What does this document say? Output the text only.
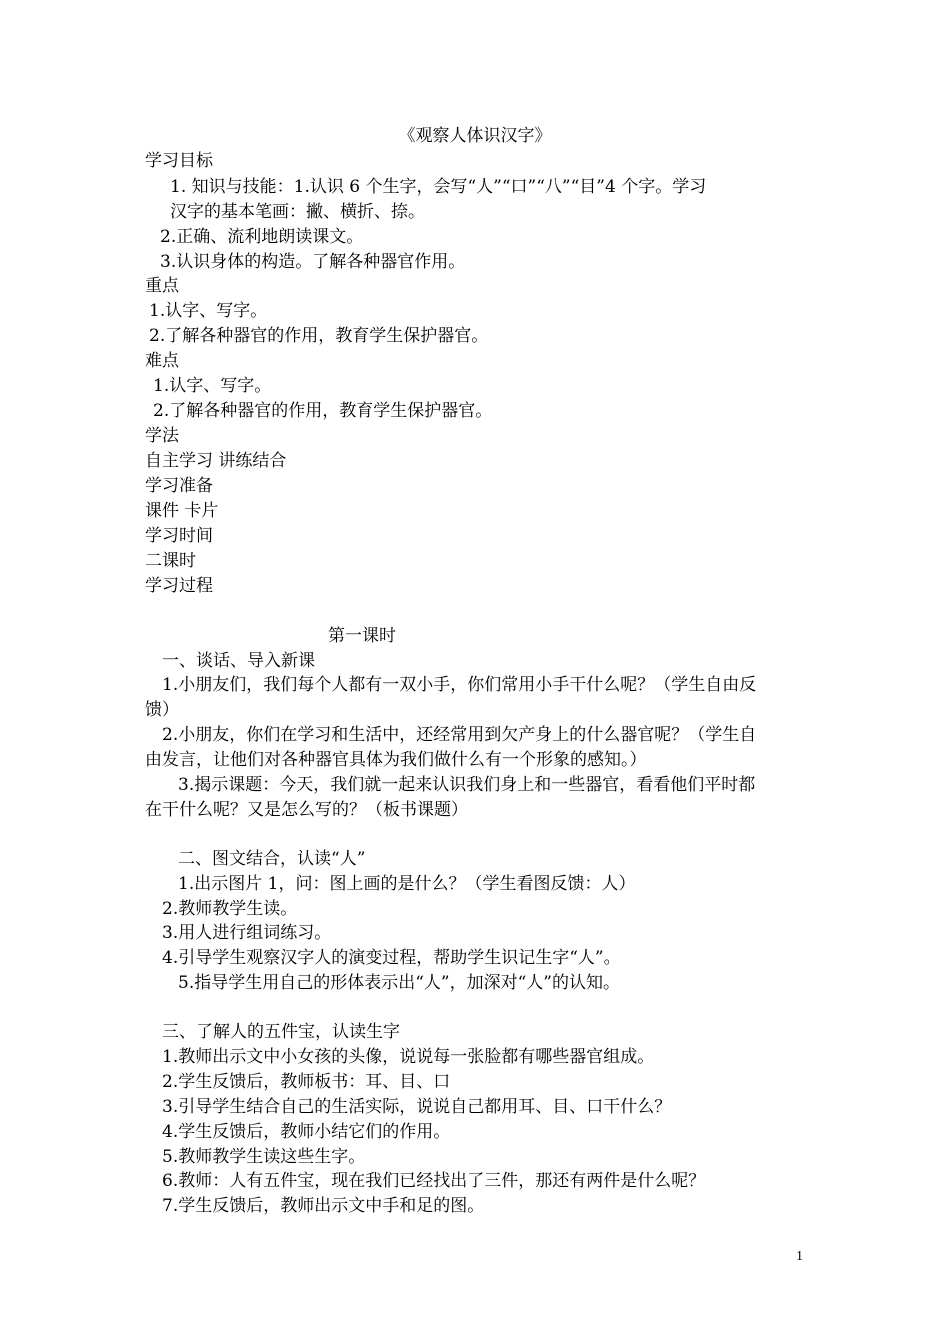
《观察人体识汉字》
学习目标
1. 知识与技能：1.认识 6 个生字，会写“人”“口”“八”“目”4 个字。学习
汉字的基本笔画：撇、横折、捺。
2.正确、流利地朗读课文。
3.认识身体的构造。了解各种器官作用。
重点
1.认字、写字。
2.了解各种器官的作用，教育学生保护器官。
难点
1.认字、写字。
2.了解各种器官的作用，教育学生保护器官。
学法
自主学习 讲练结合
学习准备
课件 卡片
学习时间
二课时
学习过程
第一课时
一、谈话、导入新课
1.小朋友们，我们每个人都有一双小手，你们常用小手干什么呢？（学生自由反
馈）
2.小朋友，你们在学习和生活中，还经常用到欠产身上的什么器官呢？（学生自
由发言，让他们对各种器官具体为我们做什么有一个形象的感知。）
3.揭示课题：今天，我们就一起来认识我们身上和一些器官，看看他们平时都
在干什么呢？又是怎么写的？（板书课题）
二、图文结合，认读“人”
1.出示图片 1，问：图上画的是什么？（学生看图反馈：人）
2.教师教学生读。
3.用人进行组词练习。
4.引导学生观察汉字人的演变过程，帮助学生识记生字“人”。
5.指导学生用自己的形体表示出“人”，加深对“人”的认知。
三、了解人的五件宝，认读生字
1.教师出示文中小女孩的头像，说说每一张脸都有哪些器官组成。
2.学生反馈后，教师板书：耳、目、口
3.引导学生结合自己的生活实际，说说自己都用耳、目、口干什么？
4.学生反馈后，教师小结它们的作用。
5.教师教学生读这些生字。
6.教师：人有五件宝，现在我们已经找出了三件，那还有两件是什么呢？
7.学生反馈后，教师出示文中手和足的图。
1
